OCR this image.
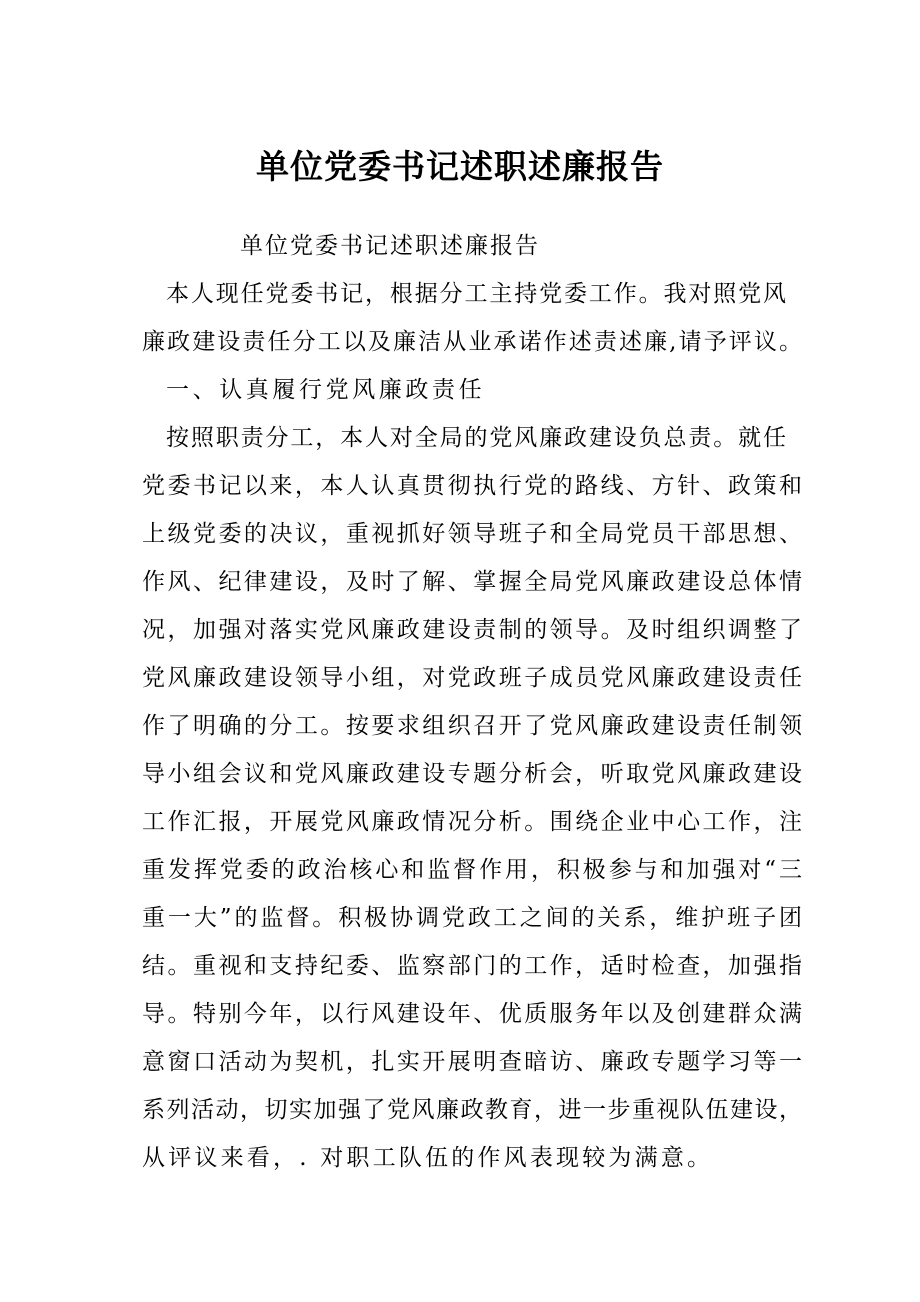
单位党委书记述职述廉报告

单位党委书记述职述廉报告

本人现任党委书记，根据分工主持党委工作。我对照党风

廉政建设责任分工以及廉洁从业承诺作述责述廉,请予评议。

一、认真履行党风廉政责任

按照职责分工，本人对全局的党风廉政建设负总责。就任

党委书记以来，本人认真贯彻执行党的路线、方针、政策和

上级党委的决议，重视抓好领导班子和全局党员干部思想、

作风、纪律建设，及时了解、掌握全局党风廉政建设总体情

况，加强对落实党风廉政建设责制的领导。及时组织调整了

党风廉政建设领导小组，对党政班子成员党风廉政建设责任

作了明确的分工。按要求组织召开了党风廉政建设责任制领

导小组会议和党风廉政建设专题分析会，听取党风廉政建设

工作汇报，开展党风廉政情况分析。围绕企业中心工作，注

重发挥党委的政治核心和监督作用，积极参与和加强对“三

重一大”的监督。积极协调党政工之间的关系，维护班子团

结。重视和支持纪委、监察部门的工作，适时检查，加强指

导。特别今年，以行风建设年、优质服务年以及创建群众满

意窗口活动为契机，扎实开展明查暗访、廉政专题学习等一

系列活动，切实加强了党风廉政教育，进一步重视队伍建设，

从评议来看，. 对职工队伍的作风表现较为满意。
